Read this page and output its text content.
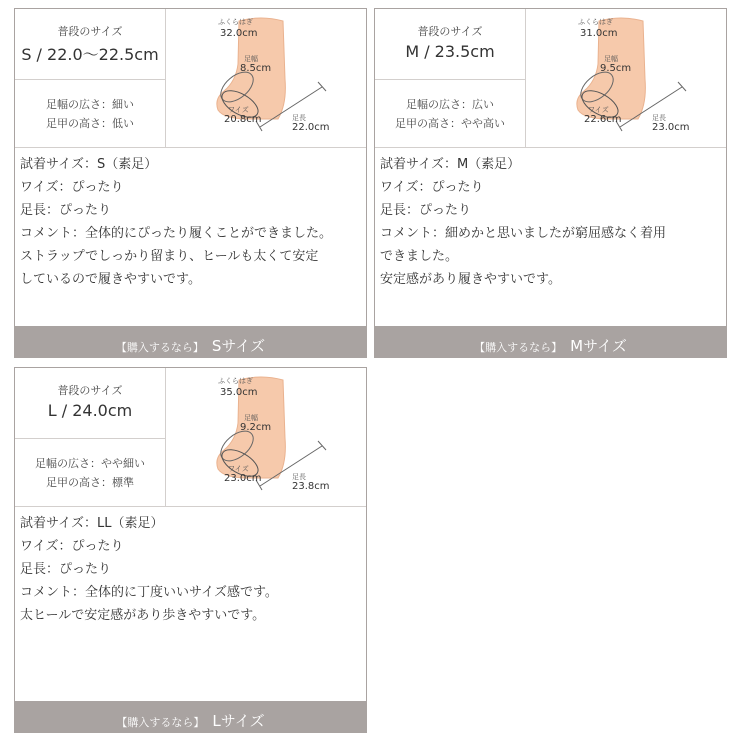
普段のサイズ
S / 22.0〜22.5cm
足幅の広さ：細い
足甲の高さ：低い
ふくらはぎ
32.0cm
足幅
8.5cm
ワイズ
20.8cm	足長
22.0cm
試着サイズ：S（素足）
ワイズ：ぴったり
足長：ぴったり
コメント：全体的にぴったり履くことができました。
ストラップでしっかり留まり、ヒールも太くて安定
しているので履きやすいです。
$_{【購入するなら】}$ Sサイズ
普段のサイズ
M / 23.5cm
足幅の広さ：広い
足甲の高さ：やや高い
ふくらはぎ
31.0cm
足幅
9.5cm
ワイズ
22.6cm	足長
23.0cm
試着サイズ：M（素足）
ワイズ：ぴったり
足長：ぴったり
コメント：細めかと思いましたが窮屈感なく着用
できました。
安定感があり履きやすいです。
$_{【購入するなら】}$ Mサイズ
普段のサイズ
L / 24.0cm
足幅の広さ：やや細い
足甲の高さ：標準
ふくらはぎ
35.0cm
足幅
9.2cm
ワイズ
23.0cm	足長
23.8cm
試着サイズ：LL（素足）
ワイズ：ぴったり
足長：ぴったり
コメント：全体的に丁度いいサイズ感です。
太ヒールで安定感があり歩きやすいです。
$_{【購入するなら】}$ Lサイズ
